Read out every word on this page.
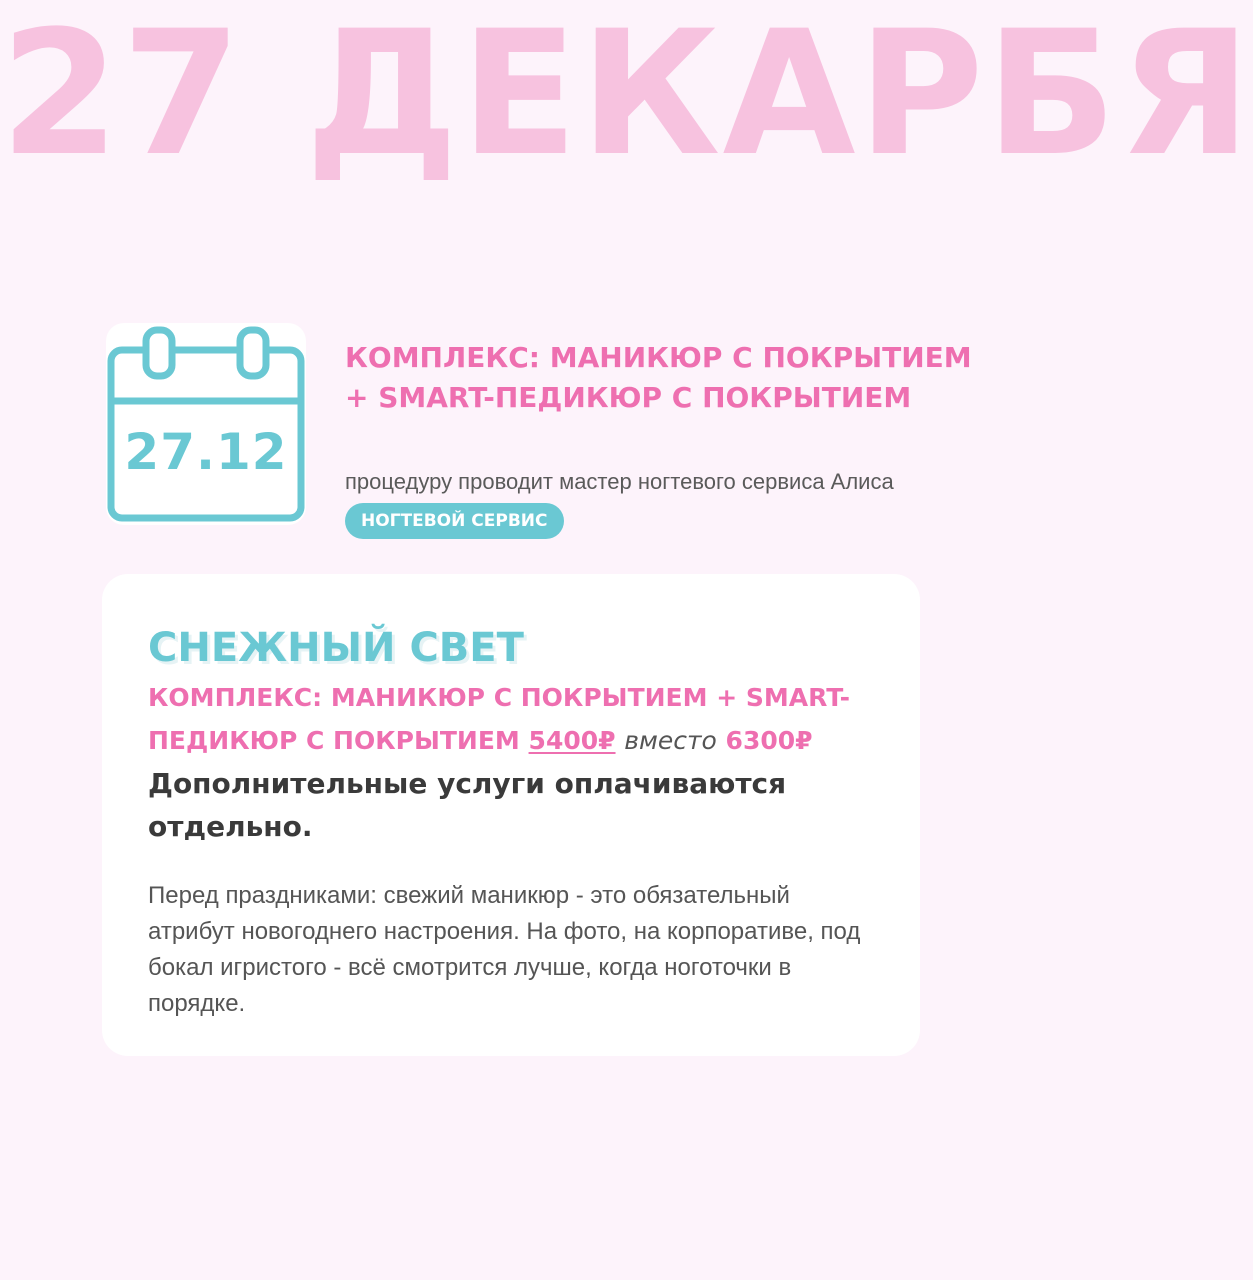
27 ДЕКАРБЯ
27.12
КОМПЛЕКС: МАНИКЮР С ПОКРЫТИЕМ + SMART-ПЕДИКЮР С ПОКРЫТИЕМ
процедуру проводит мастер ногтевого сервиса Алиса
НОГТЕВОЙ СЕРВИС
СНЕЖНЫЙ СВЕТ
КОМПЛЕКС: МАНИКЮР С ПОКРЫТИЕМ + SMART-ПЕДИКЮР С ПОКРЫТИЕМ 5400₽ вместо 6300₽
Дополнительные услуги оплачиваются отдельно.
Перед праздниками: свежий маникюр - это обязательный атрибут новогоднего настроения. На фото, на корпоративе, под бокал игристого - всё смотрится лучше, когда ноготочки в порядке.
